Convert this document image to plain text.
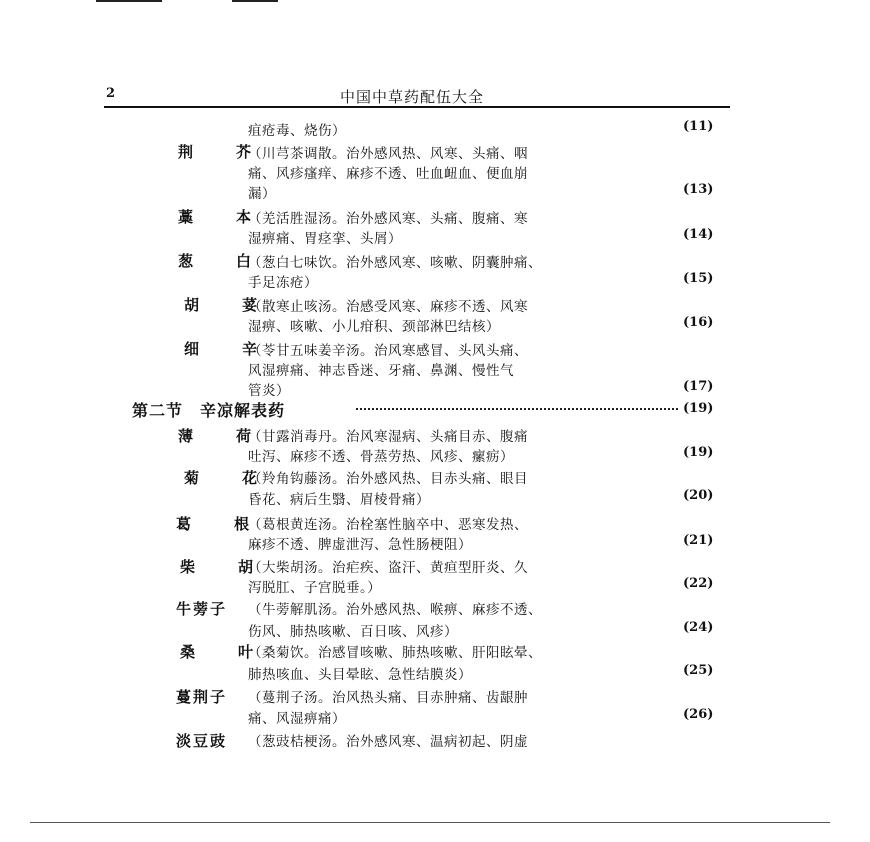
2	中国中草药配伍大全
疽疮毒、烧伤）	(11)
荆　芥
（川芎茶调散。治外感风热、风寒、头痛、咽
痛、风疹瘙痒、麻疹不透、吐血衄血、便血崩
漏）	(13)
藁　本
（羌活胜湿汤。治外感风寒、头痛、腹痛、寒
湿痹痛、胃痉挛、头屑）	(14)
葱　白
（葱白七味饮。治外感风寒、咳嗽、阴囊肿痛、
手足冻疮）	(15)
胡　荽
（散寒止咳汤。治感受风寒、麻疹不透、风寒
湿痹、咳嗽、小儿疳积、颈部淋巴结核）	(16)
细　辛
（苓甘五味姜辛汤。治风寒感冒、头风头痛、
风湿痹痛、神志昏迷、牙痛、鼻渊、慢性气
管炎）	(17)
第二节　辛凉解表药	(19)
薄　荷
（甘露消毒丹。治风寒湿病、头痛目赤、腹痛
吐泻、麻疹不透、骨蒸劳热、风疹、瘰疬）	(19)
菊　花
（羚角钩藤汤。治外感风热、目赤头痛、眼目
昏花、病后生翳、眉棱骨痛）	(20)
葛　根
（葛根黄连汤。治栓塞性脑卒中、恶寒发热、
麻疹不透、脾虚泄泻、急性肠梗阻）	(21)
柴　胡
（大柴胡汤。治疟疾、盗汗、黄疸型肝炎、久
泻脱肛、子宫脱垂。）	(22)
牛蒡子 （牛蒡解肌汤。治外感风热、喉痹、麻疹不透、
伤风、肺热咳嗽、百日咳、风疹）	(24)
桑　叶
（桑菊饮。治感冒咳嗽、肺热咳嗽、肝阳眩晕、
肺热咳血、头目晕眩、急性结膜炎）	(25)
蔓荆子 （蔓荆子汤。治风热头痛、目赤肿痛、齿龈肿
痛、风湿痹痛）	(26)
淡豆豉 （葱豉桔梗汤。治外感风寒、温病初起、阴虚
